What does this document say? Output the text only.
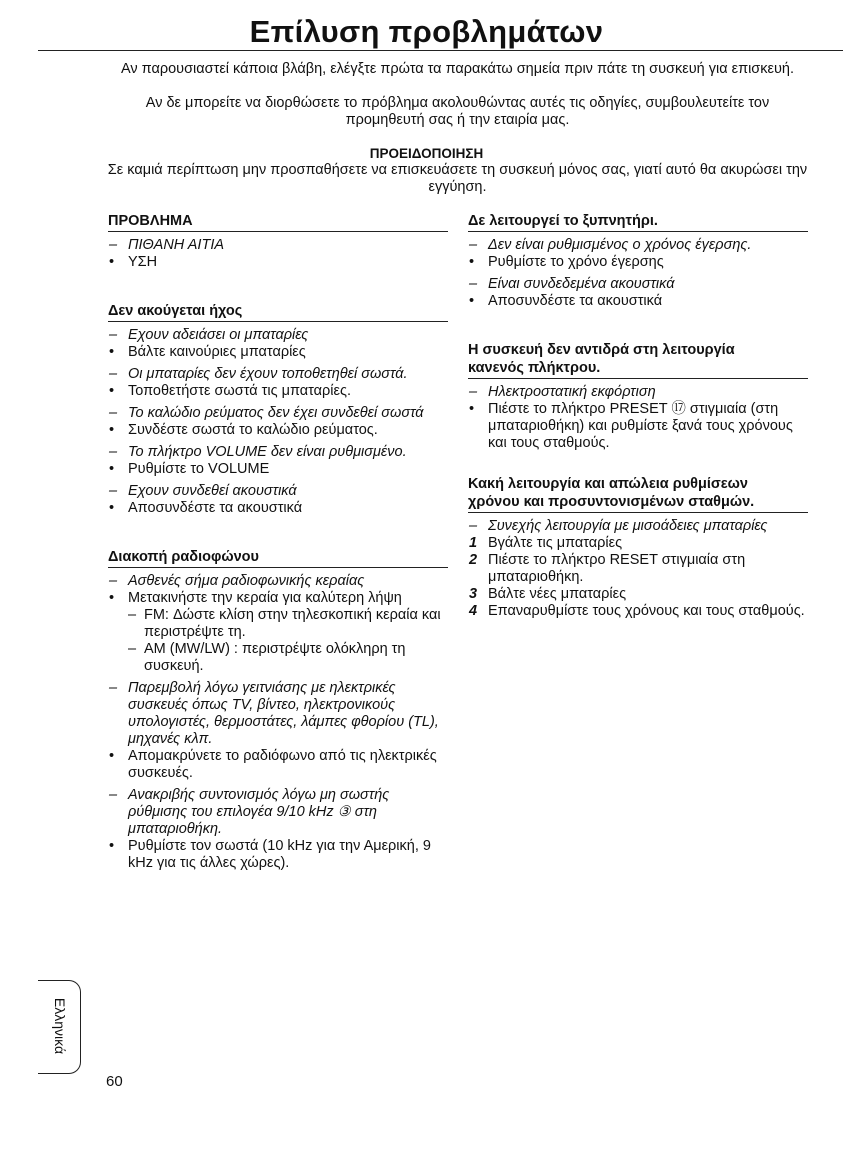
Επίλυση προβλημάτων
Αν παρουσιαστεί κάποια βλάβη, ελέγξτε πρώτα τα παρακάτω σημεία πριν πάτε τη συσκευή για επισκευή.
Αν δε μπορείτε να διορθώσετε το πρόβλημα ακολουθώντας αυτές τις οδηγίες, συμβουλευτείτε τον προμηθευτή σας ή την εταιρία μας.
ΠΡΟΕΙΔΟΠΟΙΗΣΗ
Σε καμιά περίπτωση μην προσπαθήσετε να επισκευάσετε τη συσκευή μόνος σας, γιατί αυτό θα ακυρώσει την εγγύηση.
ΠΡΟΒΛΗΜΑ
– ΠΙΘΑΝΗ ΑΙΤΙΑ
• ΥΣΗ
Δεν ακούγεται ήχος
– Εχουν αδειάσει οι μπαταρίες
• Βάλτε καινούριες μπαταρίες
– Οι μπαταρίες δεν έχουν τοποθετηθεί σωστά.
• Τοποθετήστε σωστά τις μπαταρίες.
– Το καλώδιο ρεύματος δεν έχει συνδεθεί σωστά
• Συνδέστε σωστά το καλώδιο ρεύματος.
– Το πλήκτρο VOLUME δεν είναι ρυθμισμένο.
• Ρυθμίστε το VOLUME
– Εχουν συνδεθεί ακουστικά
• Αποσυνδέστε τα ακουστικά
Διακοπή ραδιοφώνου
– Ασθενές σήμα ραδιοφωνικής κεραίας
• Μετακινήστε την κεραία για καλύτερη λήψη
– FM: Δώστε κλίση στην τηλεσκοπική κεραία και περιστρέψτε τη.
– AM (MW/LW) : περιστρέψτε ολόκληρη τη συσκευή.
– Παρεμβολή λόγω γειτνιάσης με ηλεκτρικές συσκευές όπως TV, βίντεο, ηλεκτρονικούς υπολογιστές, θερμοστάτες, λάμπες φθορίου (TL), μηχανές κλπ.
• Απομακρύνετε το ραδιόφωνο από τις ηλεκτρικές συσκευές.
– Ανακριβής συντονισμός λόγω μη σωστής ρύθμισης του επιλογέα 9/10 kHz ③ στη μπαταριοθήκη.
• Ρυθμίστε τον σωστά (10 kHz για την Αμερική, 9 kHz για τις άλλες χώρες).
Δε λειτουργεί το ξυπνητήρι.
– Δεν είναι ρυθμισμένος ο χρόνος έγερσης.
• Ρυθμίστε το χρόνο έγερσης
– Είναι συνδεδεμένα ακουστικά
• Αποσυνδέστε τα ακουστικά
Η συσκευή δεν αντιδρά στη λειτουργία
κανενός πλήκτρου.
– Ηλεκτροστατική εκφόρτιση
• Πιέστε το πλήκτρο PRESET ⑰ στιγμιαία (στη μπαταριοθήκη) και ρυθμίστε ξανά τους χρόνους και τους σταθμούς.
Κακή λειτουργία και απώλεια ρυθμίσεων
χρόνου και προσυντονισμένων σταθμών.
– Συνεχής λειτουργία με μισοάδειες μπαταρίες
1 Βγάλτε τις μπαταρίες
2 Πιέστε το πλήκτρο RESET στιγμιαία στη μπαταριοθήκη.
3 Βάλτε νέες μπαταρίες
4 Επαναρυθμίστε τους χρόνους και τους σταθμούς.
Ελληνικά
60
